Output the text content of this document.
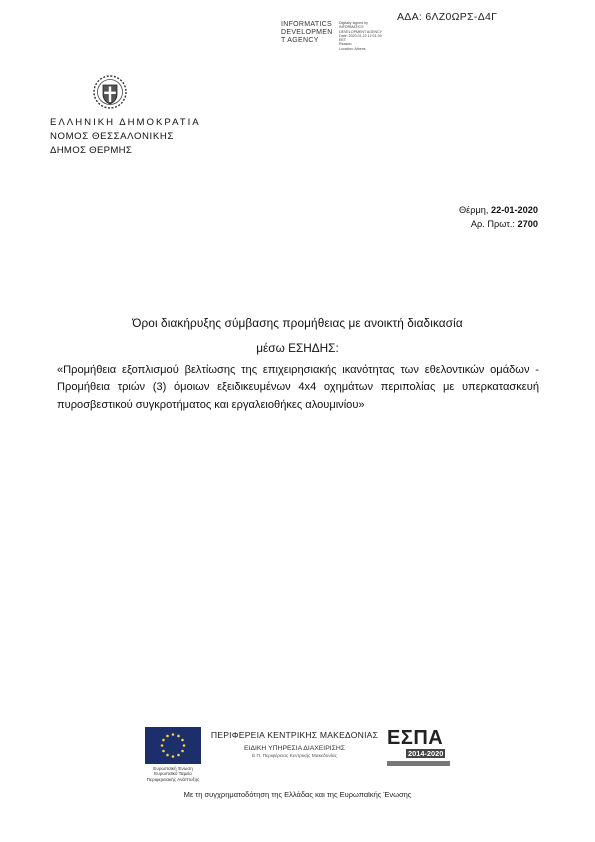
ΑΔΑ: 6ΛΖ0ΩΡΣ-Δ4Γ
INFORMATICS
DEVELOPMEN
T AGENCY
Digitally signed by
INFORMATICS
DEVELOPMENT AGENCY
Date: 2020.01.22 12:01:39
EET
Reason:
Location: Athens
ΕΛΛΗΝΙΚΗ ΔΗΜΟΚΡΑΤΙΑ
ΝΟΜΟΣ ΘΕΣΣΑΛΟΝΙΚΗΣ
ΔΗΜΟΣ ΘΕΡΜΗΣ
Θέρμη, 22-01-2020
Αρ. Πρωτ.: 2700
Όροι διακήρυξης σύμβασης προμήθειας με ανοικτή διαδικασία
μέσω ΕΣΗΔΗΣ:
«Προμήθεια εξοπλισμού βελτίωσης της επιχειρησιακής ικανότητας των εθελοντικών ομάδων - Προμήθεια τριών (3) όμοιων εξειδικευμένων 4x4 οχημάτων περιπολίας με υπερκατασκευή πυροσβεστικού συγκροτήματος και εργαλειοθήκες αλουμινίου»
Ευρωπαϊκή Ένωση
Ευρωπαϊκό Ταμείο
Περιφερειακής Ανάπτυξης
ΠΕΡΙΦΕΡΕΙΑ ΚΕΝΤΡΙΚΗΣ ΜΑΚΕΔΟΝΙΑΣ
ΕΙΔΙΚΗ ΥΠΗΡΕΣΙΑ ΔΙΑΧΕΙΡΙΣΗΣ
Ε.Π. Περιφέρειας Κεντρικής Μακεδονίας
ΕΣΠΑ
2014-2020
Με τη συγχρηματοδότηση της Ελλάδας και της Ευρωπαϊκής Ένωσης
